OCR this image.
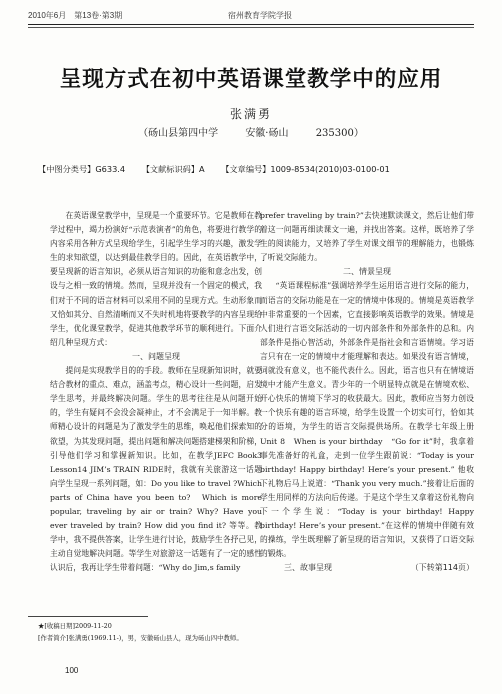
2010年6月　第13卷·第3期	宿州教育学院学报
呈现方式在初中英语课堂教学中的应用
张满勇
（砀山县第四中学	安徽·砀山	235300）
【中图分类号】G633.4 【文献标识码】A 【文章编号】1009-8534(2010)03-0100-01

在英语课堂教学中，呈现是一个重要环节。它是教师在教学过程中，竭力扮演好“示范表演者”的角色，将要进行教学的内容采用各种方式呈现给学生，引起学生学习的兴趣，激发学生的求知欲望，以达到最佳教学目的。因此，在英语教学中，要呈现新的语言知识，必须从语言知识的功能和意念出发，创设与之相一致的情境。然而，呈现并没有一个固定的模式，我们对于不同的语言材料可以采用不同的呈现方式。生动形象而又恰如其分、自然清晰而又不失时机地将要教学的内容呈现给学生，优化课堂教学，促进其他教学环节的顺利进行。下面介绍几种呈现方式：

一、问题呈现

提问是实现教学目的的手段。教师在呈现新知识时，就要结合教材的重点、难点，涵盖考点，精心设计一些问题，启发学生思考，并最终解决问题。学生的思考往往是从问题开始的，学生有疑问不会没会凝神止，才不会满足于一知半解。教师精心设计的问题是为了激发学生的思维，唤起他们探索知的欲望，为其发现问题，提出问题和解决问题搭建梯架和阶梯，引导他们学习和掌握新知识。比如，在教学JEFC Book3 Lesson14 JIM’s TRAIN RIDE时，我就有关旅游这一话题向学生呈现一系列问题，如：Do you like to travel ?Which parts of China have you been to?　Which is more popular, traveling by air or train? Why? Have you ever traveled by train? How did you find it? 等等。教学中，我不提供答案，让学生进行讨论，鼓励学生各抒己见，主动自觉地解决问题。等学生对旅游这一话题有了一定的感性认识后，我再让学生带着问题：“Why do Jim,s family

prefer traveling by train?”去快速默读课文，然后让他们带着这一问题再细读课文一遍，并找出答案。这样，既培养了学生的阅读能力，又培养了学生对课文细节的理解能力，也锻炼了听说交际能力。

二、情景呈现

“英语课程标准”强调培养学生运用语言进行交际的能力，而语言的交际功能是在一定的情境中体现的。情境是英语教学中非常重要的一个因素，它直接影响英语教学的效果。情境是人们进行言语交际活动的一切内部条件和外部条件的总和。内部条件是指心智活动，外部条件是指社会和言语情境。学习语言只有在一定的情境中才能理解和表达。如果没有语言情境，词就没有意义，也不能代表什么。因此，语言也只有在情境语境中才能产生意义。青少年的一个明显特点就是在情境欢松、开心快乐的情境下学习的收获最大。因此，教师应当努力创设一个快乐有趣的语言环境，给学生设置一个切实可行，恰如其分的语境，为学生的语言交际提供场所。在教学七年级上册Unit 8　When is your birthday　“Go for it”时，我拿着事先准备好的礼盒，走到一位学生跟前说：“Today is your birthday! Happy birthday! Here’s your present.” 他收下礼物后马上说道：“Thank you very much.”接着让后面的学生用同样的方法向后传递。于是这个学生又拿着这份礼物向下一个学生说：“Today is your birthday! Happy birthday! Here’s your present.”在这样的情境中伴随有效的操练，学生既理解了新呈现的语言知识，又获得了口语交际的锻炼。

三、故事呈现	（下转第114页）
★[收稿日期]2009-11-20
[作者简介]张满勇(1969.11-)，男，安徽砀山县人，现为砀山四中教师。
100
